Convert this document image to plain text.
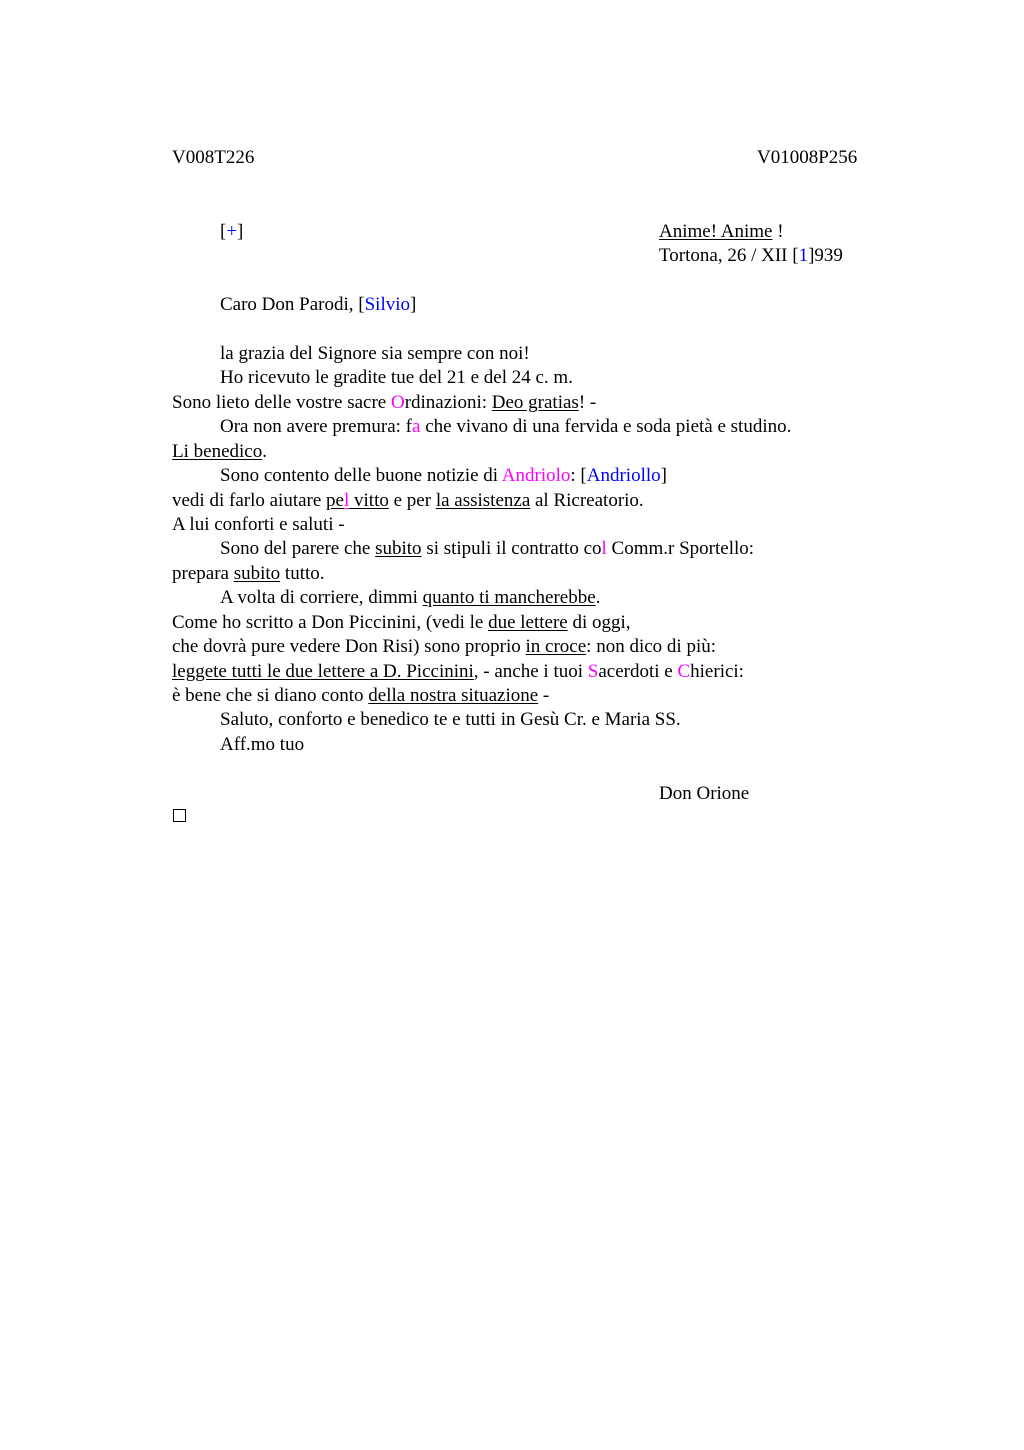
V008T226	V01008P256
[+]	Anime! Anime !
Tortona, 26 / XII [1]939
Caro Don Parodi, [Silvio]
la grazia del Signore sia sempre con noi!
Ho ricevuto le gradite tue del 21 e del 24 c. m.
Sono lieto delle vostre sacre Ordinazioni: Deo gratias! -
Ora non avere premura: fa che vivano di una fervida e soda pietà e studino.
Li benedico.
Sono contento delle buone notizie di Andriolo: [Andriollo]
vedi di farlo aiutare pel vitto e per la assistenza al Ricreatorio.
A lui conforti e saluti -
Sono del parere che subito si stipuli il contratto col Comm.r Sportello:
prepara subito tutto.
A volta di corriere, dimmi quanto ti mancherebbe.
Come ho scritto a Don Piccinini, (vedi le due lettere di oggi,
che dovrà pure vedere Don Risi) sono proprio in croce: non dico di più:
leggete tutti le due lettere a D. Piccinini, - anche i tuoi Sacerdoti e Chierici:
è bene che si diano conto della nostra situazione -
Saluto, conforto e benedico te e tutti in Gesù Cr. e Maria SS.
Aff.mo tuo
Don Orione
